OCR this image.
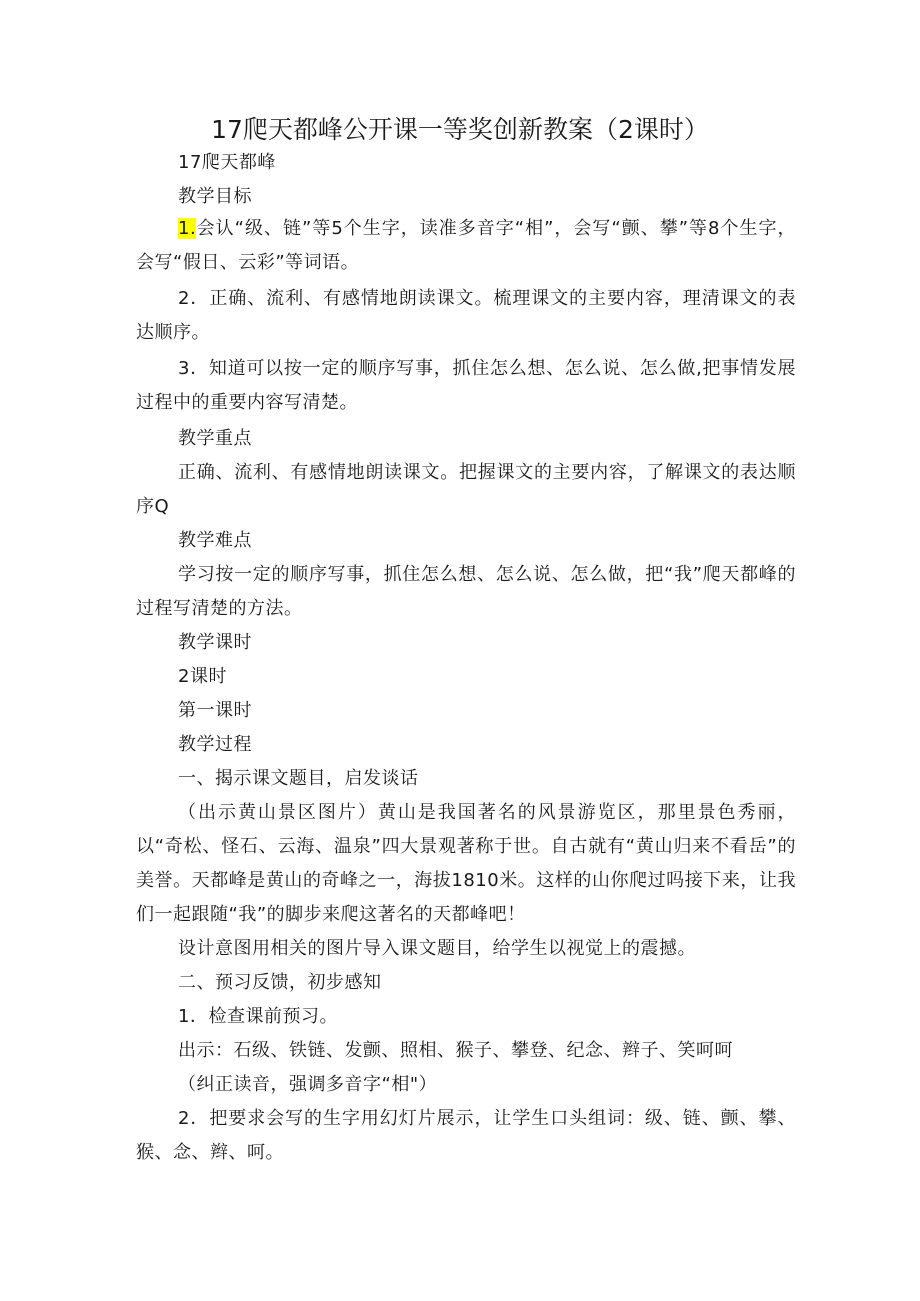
17爬天都峰公开课一等奖创新教案（2课时）
17爬天都峰
教学目标
1.会认“级、链”等5个生字，读准多音字“相”，会写“颤、攀”等8个生字，会写“假日、云彩”等词语。
2．正确、流利、有感情地朗读课文。梳理课文的主要内容，理清课文的表达顺序。
3．知道可以按一定的顺序写事，抓住怎么想、怎么说、怎么做,把事情发展过程中的重要内容写清楚。
教学重点
正确、流利、有感情地朗读课文。把握课文的主要内容，了解课文的表达顺序Q
教学难点
学习按一定的顺序写事，抓住怎么想、怎么说、怎么做，把“我”爬天都峰的过程写清楚的方法。
教学课时
2课时
第一课时
教学过程
一、揭示课文题目，启发谈话
（出示黄山景区图片）黄山是我国著名的风景游览区，那里景色秀丽，以“奇松、怪石、云海、温泉”四大景观著称于世。自古就有“黄山归来不看岳”的美誉。天都峰是黄山的奇峰之一，海拔1810米。这样的山你爬过吗接下来，让我们一起跟随“我”的脚步来爬这著名的天都峰吧！
设计意图用相关的图片导入课文题目，给学生以视觉上的震撼。
二、预习反馈，初步感知
1．检查课前预习。
出示：石级、铁链、发颤、照相、猴子、攀登、纪念、辫子、笑呵呵
（纠正读音，强调多音字“相"）
2．把要求会写的生字用幻灯片展示，让学生口头组词：级、链、颤、攀、猴、念、辫、呵。
